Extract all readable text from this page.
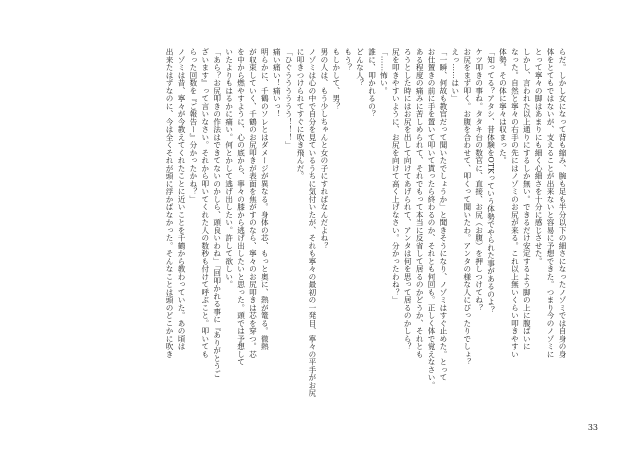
らだ。しかし女になって背も縮み、腕も足も半分以下の細さになったノゾミでは自身の身

体をとてもではないが、支えることが出来ないと容易に予想できた。つまり今のノゾミに

とって寧々の脚はあまりにも細く心細さを十分に感じさせた。

しかし、言われた以上通りにするしか無い。できるだけ安定するよう脚の上に腹ばいに

なった。自然と寧々の右手の先にはノゾミのお尻が来る。これ以上無いくらい叩きやすい

体勢。その体に寧々は収まった。

「知ってる？アタシ、昔体験をOTKっていう体勢でやられた事があるのよ？

ケツ叩きの事ね。タタキ台の数官に、直接、お尻（お腹）を押しつけてね？

お尻をまず叩く。お腹を合わせて、叩くって聞いたわ。アンタの様な人にぴったりでしょ？

えっ……はい」

「一瞬、何故も教官だって聞いたでしょうか」と聞きそうになり、ノゾミはすぐ止めた。とって

お仕置きの前に手を置いて叩いて貰ったら終わるのか、それとも何回も。正しく体で覚えなさい。

ある程度の痛みに苦しめられて、それでもって本当に反省して居るのかどうか、それとも

ろうとした時にはお尻を出して向けてあげられて、アンタは何を思って居るのかしら？

尻を叩きやすいように、お尻を向けて高く上げなさい。分かったわね？」

「……怖い。

誰に、叩かれるの？

どんな人？

もう？

もしかして、男？

男の人は、もう少しちゃんと女の子にすればなんだよね？

ノゾミは心の中で自分を見ているうちに気付いたが、それも寧々の最初の一発目、寧々の平手がお尻

に叩きつけられてすぐに吹き飛んだ。

「ひぐうううううう！！！」

痛い痛い！痛いっ！

明らかに、千鶴のソレとはダメージが異なる。身体の芯、もっと奥に、熱が篭る。微熱

が収束していく、千鶴のお尻叩きが表面を焦がすのなら、寧々のお尻叩きは芯を穿つ。芯

を中から燃やすように、心の底から、寧々の膝から逃げ出したいと思った。頭では予想して

いたよりもはるかに痛い。何とかして逃げ出したい。許して欲しい。

「あら？お尻叩きの作法はできてないのかしら、頭良いわね」「回叩かれる事に『ありがとうご

ざいます』って言いなさい。それから叩いてくれた人の数秒も付けて呼ぶこと。叩いても

らった回数を『ご報告ー』分かったかね？」

ノゾミは昔、寧々が今教えてくれたことに近いことを千鶴から教わっていた。あの頃は

出来たはずなのに、今は全くそれが頭に浮かばなかった。そんなことは頭のどこかに吹き

33
